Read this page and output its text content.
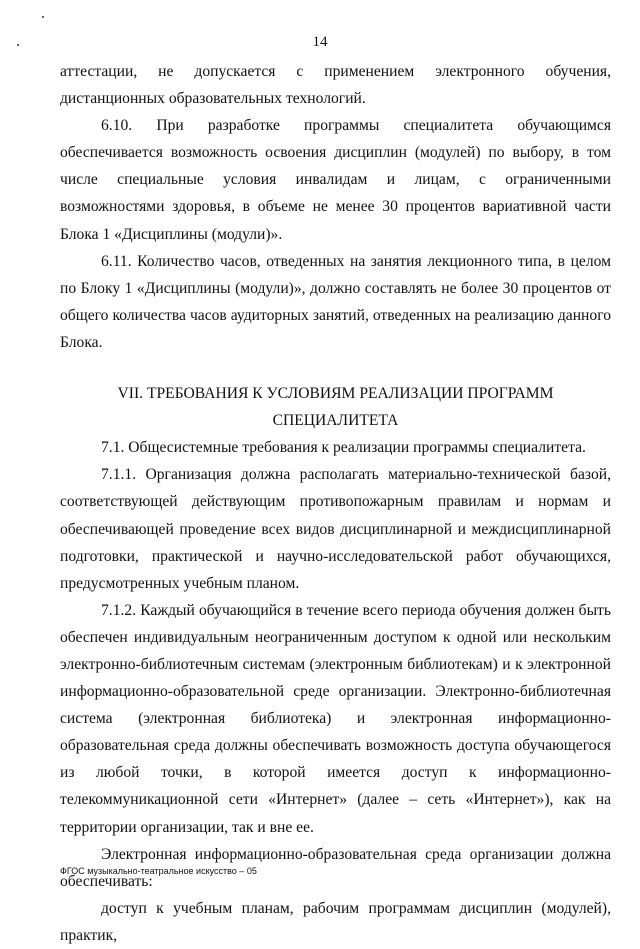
14

аттестации, не допускается с применением электронного обучения, дистанционных образовательных технологий.

6.10. При разработке программы специалитета обучающимся обеспечивается возможность освоения дисциплин (модулей) по выбору, в том числе специальные условия инвалидам и лицам, с ограниченными возможностями здоровья, в объеме не менее 30 процентов вариативной части Блока 1 «Дисциплины (модули)».

6.11. Количество часов, отведенных на занятия лекционного типа, в целом по Блоку 1 «Дисциплины (модули)», должно составлять не более 30 процентов от общего количества часов аудиторных занятий, отведенных на реализацию данного Блока.

VII. ТРЕБОВАНИЯ К УСЛОВИЯМ РЕАЛИЗАЦИИ ПРОГРАММ
СПЕЦИАЛИТЕТА

7.1. Общесистемные требования к реализации программы специалитета.

7.1.1. Организация должна располагать материально-технической базой, соответствующей действующим противопожарным правилам и нормам и обеспечивающей проведение всех видов дисциплинарной и междисциплинарной подготовки, практической и научно-исследовательской работ обучающихся, предусмотренных учебным планом.

7.1.2. Каждый обучающийся в течение всего периода обучения должен быть обеспечен индивидуальным неограниченным доступом к одной или нескольким электронно-библиотечным системам (электронным библиотекам) и к электронной информационно-образовательной среде организации. Электронно-библиотечная система (электронная библиотека) и электронная информационно-образовательная среда должны обеспечивать возможность доступа обучающегося из любой точки, в которой имеется доступ к информационно-телекоммуникационной сети «Интернет» (далее – сеть «Интернет»), как на территории организации, так и вне ее.

Электронная информационно-образовательная среда организации должна обеспечивать:

доступ к учебным планам, рабочим программам дисциплин (модулей), практик,

ФГОС музыкально-театральное искусство – 05
